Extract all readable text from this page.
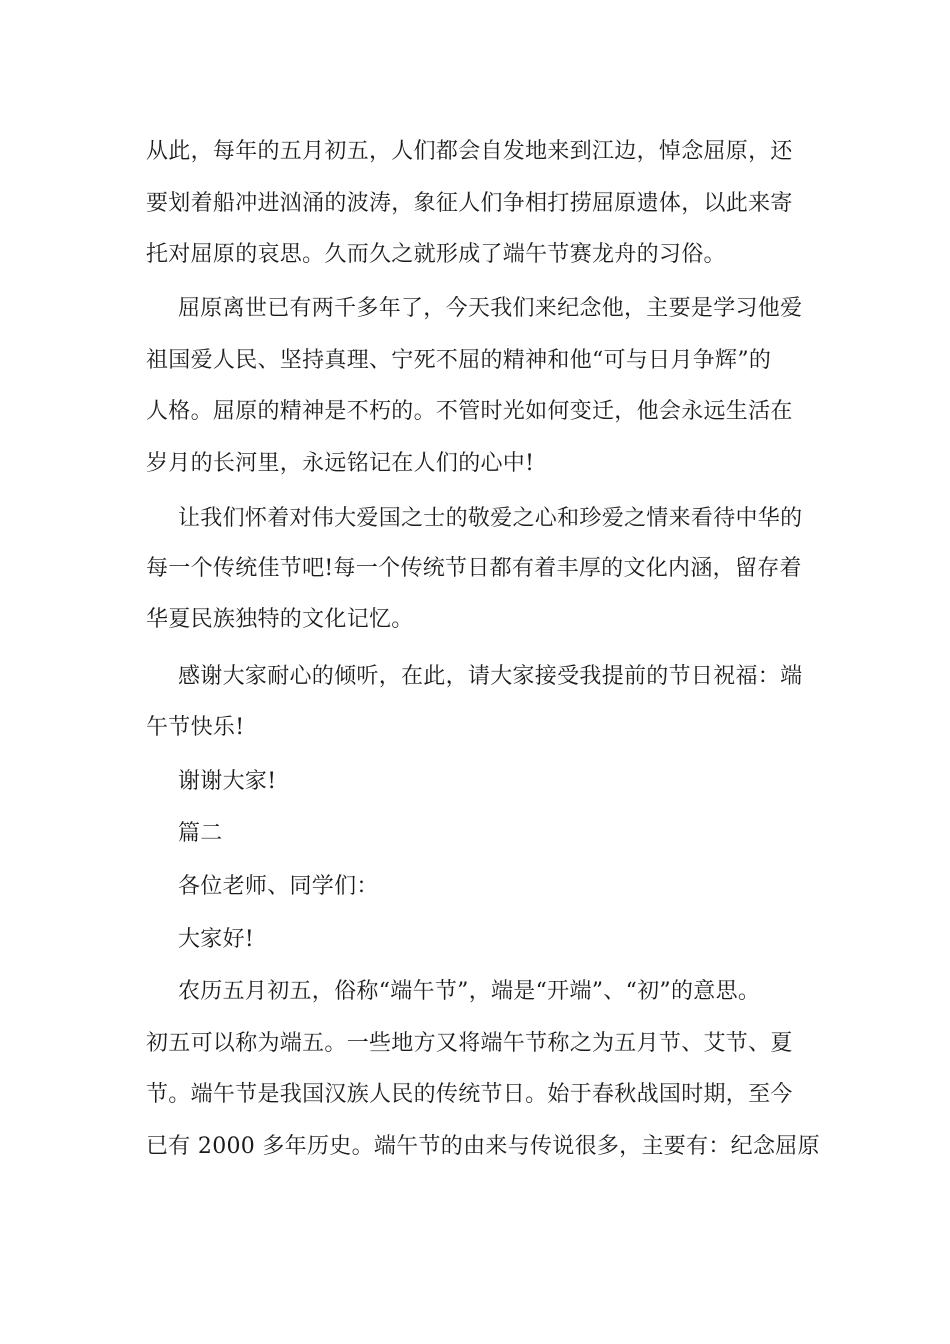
从此，每年的五月初五，人们都会自发地来到江边，悼念屈原，还

要划着船冲进汹涌的波涛，象征人们争相打捞屈原遗体，以此来寄

托对屈原的哀思。久而久之就形成了端午节赛龙舟的习俗。

屈原离世已有两千多年了，今天我们来纪念他，主要是学习他爱

祖国爱人民、坚持真理、宁死不屈的精神和他“可与日月争辉”的

人格。屈原的精神是不朽的。不管时光如何变迁，他会永远生活在

岁月的长河里，永远铭记在人们的心中!

让我们怀着对伟大爱国之士的敬爱之心和珍爱之情来看待中华的

每一个传统佳节吧!每一个传统节日都有着丰厚的文化内涵，留存着

华夏民族独特的文化记忆。

感谢大家耐心的倾听，在此，请大家接受我提前的节日祝福：端

午节快乐!

谢谢大家!

篇二

各位老师、同学们：

大家好!

农历五月初五，俗称“端午节”，端是“开端”、“初”的意思。

初五可以称为端五。一些地方又将端午节称之为五月节、艾节、夏

节。端午节是我国汉族人民的传统节日。始于春秋战国时期，至今

已有 2000 多年历史。端午节的由来与传说很多，主要有：纪念屈原
